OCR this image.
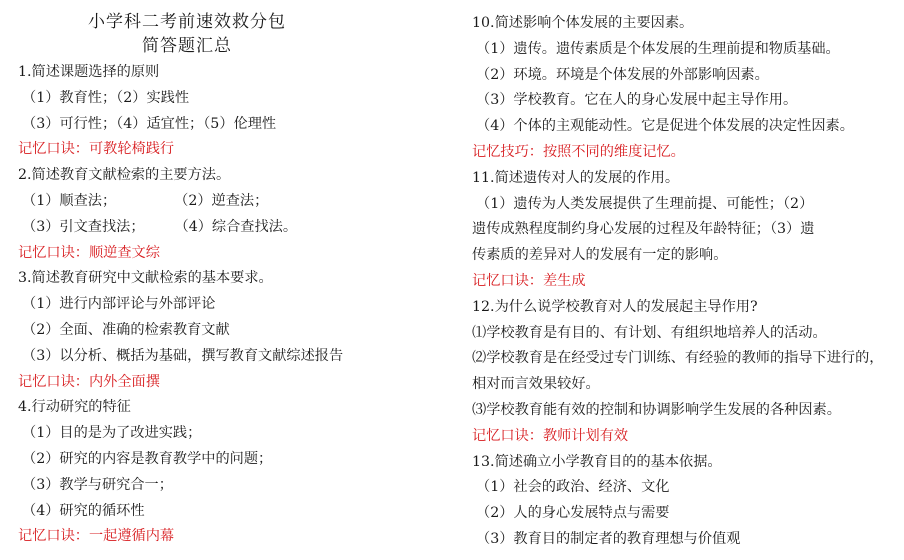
小学科二考前速效救分包

简答题汇总

1.简述课题选择的原则

（1）教育性；（2）实践性

（3）可行性；（4）适宜性；（5）伦理性

记忆口诀：可教轮椅践行

2.简述教育文献检索的主要方法。

（1）顺查法；	（2）逆查法；

（3）引文查找法； （4）综合查找法。

记忆口诀：顺逆查文综

3.简述教育研究中文献检索的基本要求。

（1）进行内部评论与外部评论

（2）全面、准确的检索教育文献

（3）以分析、概括为基础，撰写教育文献综述报告

记忆口诀：内外全面撰

4.行动研究的特征

（1）目的是为了改进实践；

（2）研究的内容是教育教学中的问题；

（3）教学与研究合一；

（4）研究的循环性

记忆口诀：一起遵循内幕

10.简述影响个体发展的主要因素。

（1）遗传。遗传素质是个体发展的生理前提和物质基础。

（2）环境。环境是个体发展的外部影响因素。

（3）学校教育。它在人的身心发展中起主导作用。

（4）个体的主观能动性。它是促进个体发展的决定性因素。

记忆技巧：按照不同的维度记忆。

11.简述遗传对人的发展的作用。

（1）遗传为人类发展提供了生理前提、可能性；（2）

遗传成熟程度制约身心发展的过程及年龄特征；（3）遗

传素质的差异对人的发展有一定的影响。

记忆口诀：差生成

12.为什么说学校教育对人的发展起主导作用?

⑴学校教育是有目的、有计划、有组织地培养人的活动。

⑵学校教育是在经受过专门训练、有经验的教师的指导下进行的，

相对而言效果较好。

⑶学校教育能有效的控制和协调影响学生发展的各种因素。

记忆口诀：教师计划有效

13.简述确立小学教育目的的基本依据。

（1）社会的政治、经济、文化

（2）人的身心发展特点与需要

（3）教育目的制定者的教育理想与价值观
